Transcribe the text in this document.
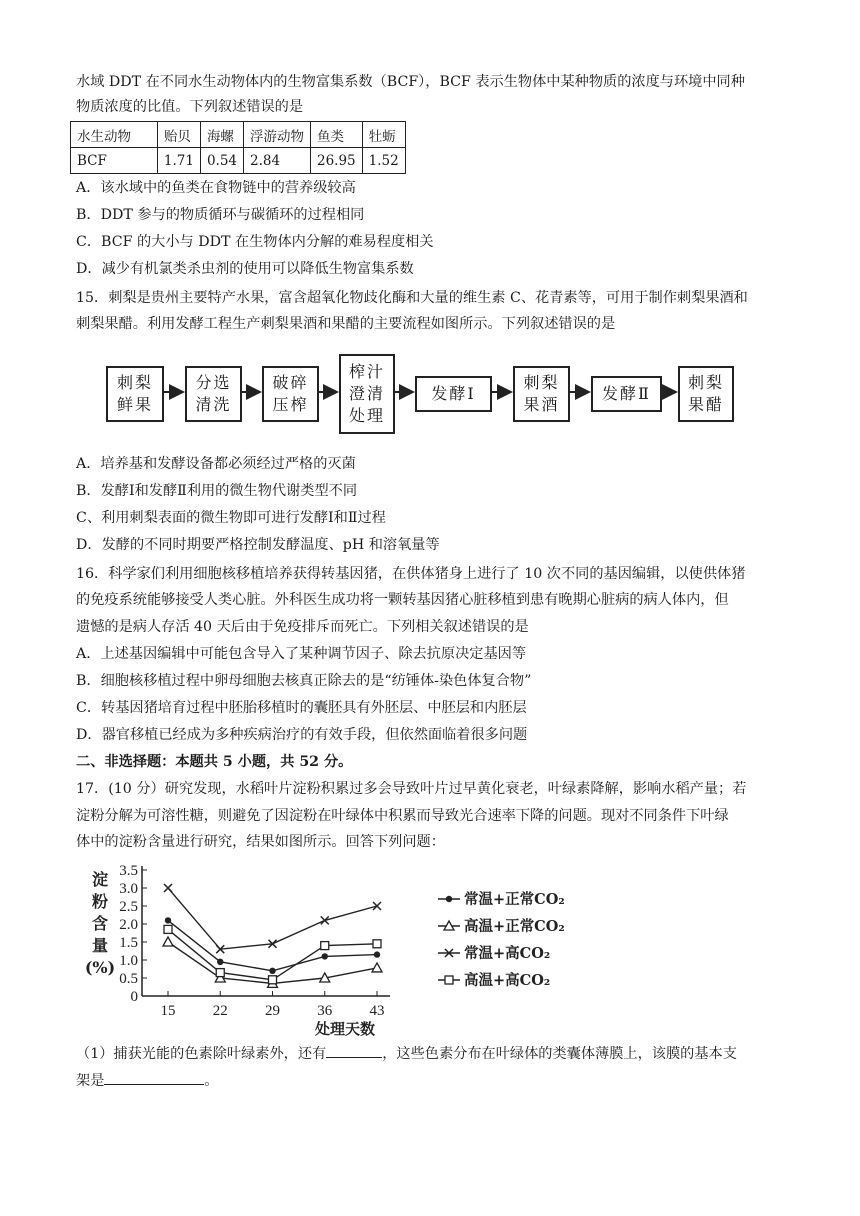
水域 DDT 在不同水生动物体内的生物富集系数（BCF），BCF 表示生物体中某种物质的浓度与环境中同种
物质浓度的比值。下列叙述错误的是
水生动物	贻贝	海螺	浮游动物	鱼类	牡蛎
BCF	1.71	0.54	2.84	26.95	1.52
A．该水域中的鱼类在食物链中的营养级较高
B．DDT 参与的物质循环与碳循环的过程相同
C．BCF 的大小与 DDT 在生物体内分解的难易程度相关
D．减少有机氯类杀虫剂的使用可以降低生物富集系数
15．刺梨是贵州主要特产水果，富含超氧化物歧化酶和大量的维生素 C、花青素等，可用于制作刺梨果酒和
刺梨果醋。利用发酵工程生产刺梨果酒和果醋的主要流程如图所示。下列叙述错误的是
刺梨
鲜果
分选
清洗
破碎
压榨
榨汁
澄清
处理
发酵Ⅰ
刺梨
果酒
发酵Ⅱ
刺梨
果醋
A．培养基和发酵设备都必须经过严格的灭菌
B．发酵Ⅰ和发酵Ⅱ利用的微生物代谢类型不同
C、利用刺梨表面的微生物即可进行发酵Ⅰ和Ⅱ过程
D．发酵的不同时期要严格控制发酵温度、pH 和溶氧量等
16．科学家们利用细胞核移植培养获得转基因猪，在供体猪身上进行了 10 次不同的基因编辑，以使供体猪
的免疫系统能够接受人类心脏。外科医生成功将一颗转基因猪心脏移植到患有晚期心脏病的病人体内，但
遗憾的是病人存活 40 天后由于免疫排斥而死亡。下列相关叙述错误的是
A．上述基因编辑中可能包含导入了某种调节因子、除去抗原决定基因等
B．细胞核移植过程中卵母细胞去核真正除去的是“纺锤体-染色体复合物”
C．转基因猪培育过程中胚胎移植时的囊胚具有外胚层、中胚层和内胚层
D．器官移植已经成为多种疾病治疗的有效手段，但依然面临着很多问题
二、非选择题：本题共 5 小题，共 52 分。
17．(10 分）研究发现，水稻叶片淀粉积累过多会导致叶片过早黄化衰老，叶绿素降解，影响水稻产量；若
淀粉分解为可溶性糖，则避免了因淀粉在叶绿体中积累而导致光合速率下降的问题。现对不同条件下叶绿
体中的淀粉含量进行研究，结果如图所示。回答下列问题：
0
0.5
1.0
1.5
2.0
2.5
3.0
3.5
15 22 29 36 43
淀
粉
含
量
(%)
处理天数
常温+正常CO₂
高温+正常CO₂
常温+高CO₂
高温+高CO₂
（1）捕获光能的色素除叶绿素外，还有	，这些色素分布在叶绿体的类囊体薄膜上，该膜的基本支
架是	。
